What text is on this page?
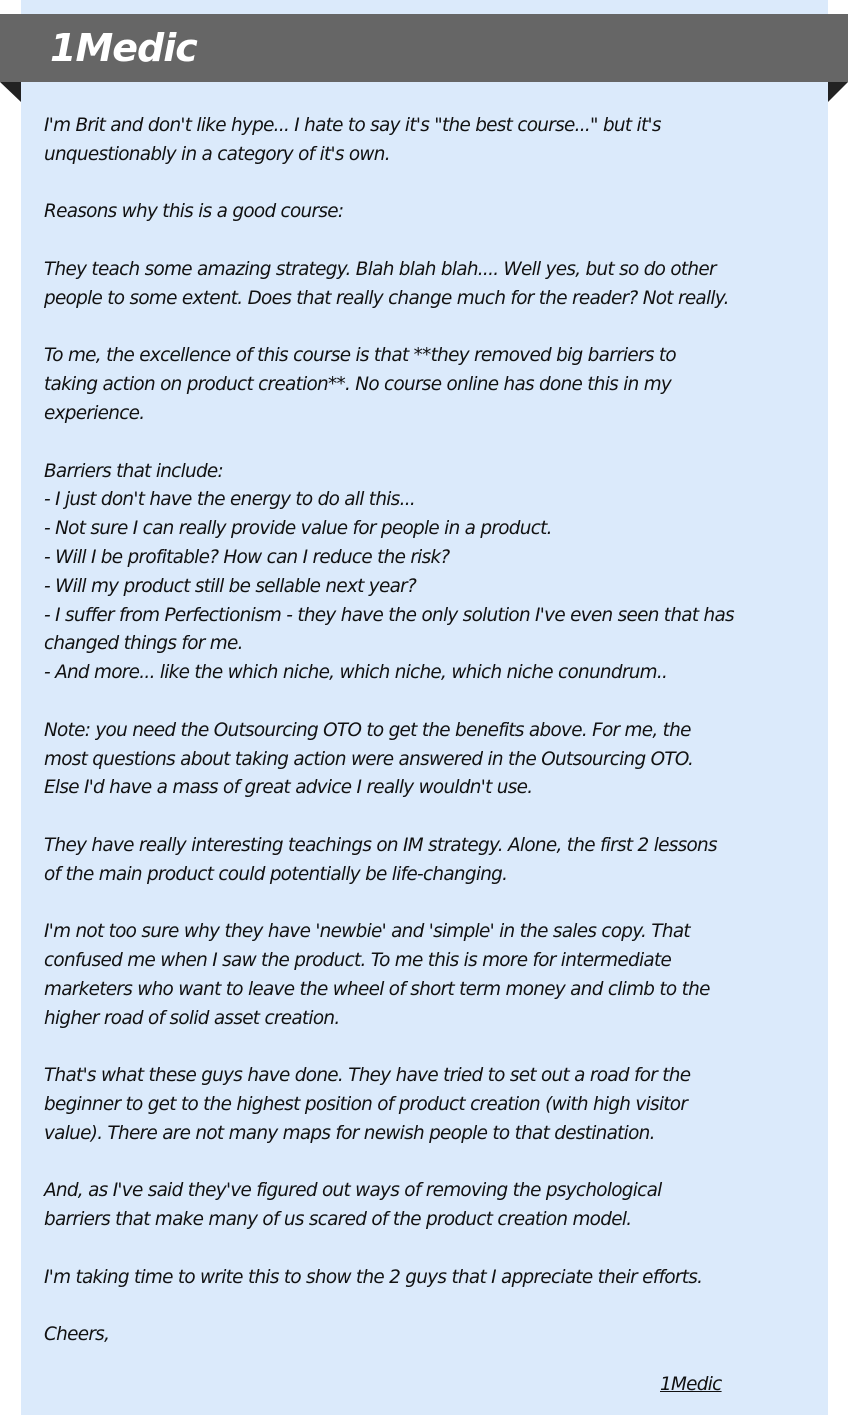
1Medic

I'm Brit and don't like hype... I hate to say it's "the best course..." but it's
unquestionably in a category of it's own.

Reasons why this is a good course:

They teach some amazing strategy. Blah blah blah.... Well yes, but so do other
people to some extent. Does that really change much for the reader? Not really.

To me, the excellence of this course is that **they removed big barriers to
taking action on product creation**. No course online has done this in my
experience.

Barriers that include:
- I just don't have the energy to do all this...
- Not sure I can really provide value for people in a product.
- Will I be profitable? How can I reduce the risk?
- Will my product still be sellable next year?
- I suffer from Perfectionism - they have the only solution I've even seen that has
changed things for me.
- And more... like the which niche, which niche, which niche conundrum..

Note: you need the Outsourcing OTO to get the benefits above. For me, the
most questions about taking action were answered in the Outsourcing OTO.
Else I'd have a mass of great advice I really wouldn't use.

They have really interesting teachings on IM strategy. Alone, the first 2 lessons
of the main product could potentially be life-changing.

I'm not too sure why they have 'newbie' and 'simple' in the sales copy. That
confused me when I saw the product. To me this is more for intermediate
marketers who want to leave the wheel of short term money and climb to the
higher road of solid asset creation.

That's what these guys have done. They have tried to set out a road for the
beginner to get to the highest position of product creation (with high visitor
value). There are not many maps for newish people to that destination.

And, as I've said they've figured out ways of removing the psychological
barriers that make many of us scared of the product creation model.

I'm taking time to write this to show the 2 guys that I appreciate their efforts.

Cheers,

1Medic
